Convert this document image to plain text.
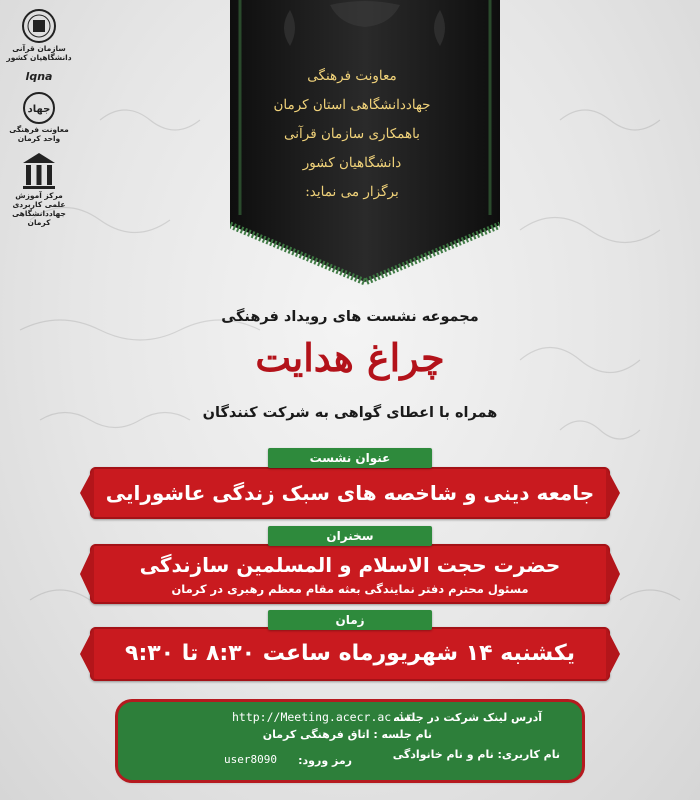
سازمان قرآنی دانشگاهیان کشور
lqna
جهاد
معاونت فرهنگی واحد کرمان
مرکز آموزش علمی کاربردی جهاددانشگاهی کرمان
معاونت فرهنگی
جهاددانشگاهی استان کرمان
باهمکاری سازمان قرآنی
دانشگاهیان کشور
برگزار می نماید:
مجموعه نشست های رویداد فرهنگی
چراغ هدایت
همراه با اعطای گواهی به شرکت کنندگان
عنوان نشست
جامعه دینی و شاخصه های سبک زندگی عاشورایی
سخنران
حضرت حجت الاسلام و المسلمین سازندگی
مسئول محترم دفتر نمایندگی بعثه مقام معظم رهبری در کرمان
زمان
یکشنبه ۱۴ شهریورماه ساعت ۸:۳۰ تا ۹:۳۰
آدرس لینک شرکت در جلسه
http://Meeting.acecr.ac.ir
نام جلسه : اتاق فرهنگی کرمان
نام کاربری: نام و نام خانوادگی
رمز ورود:
user8090
